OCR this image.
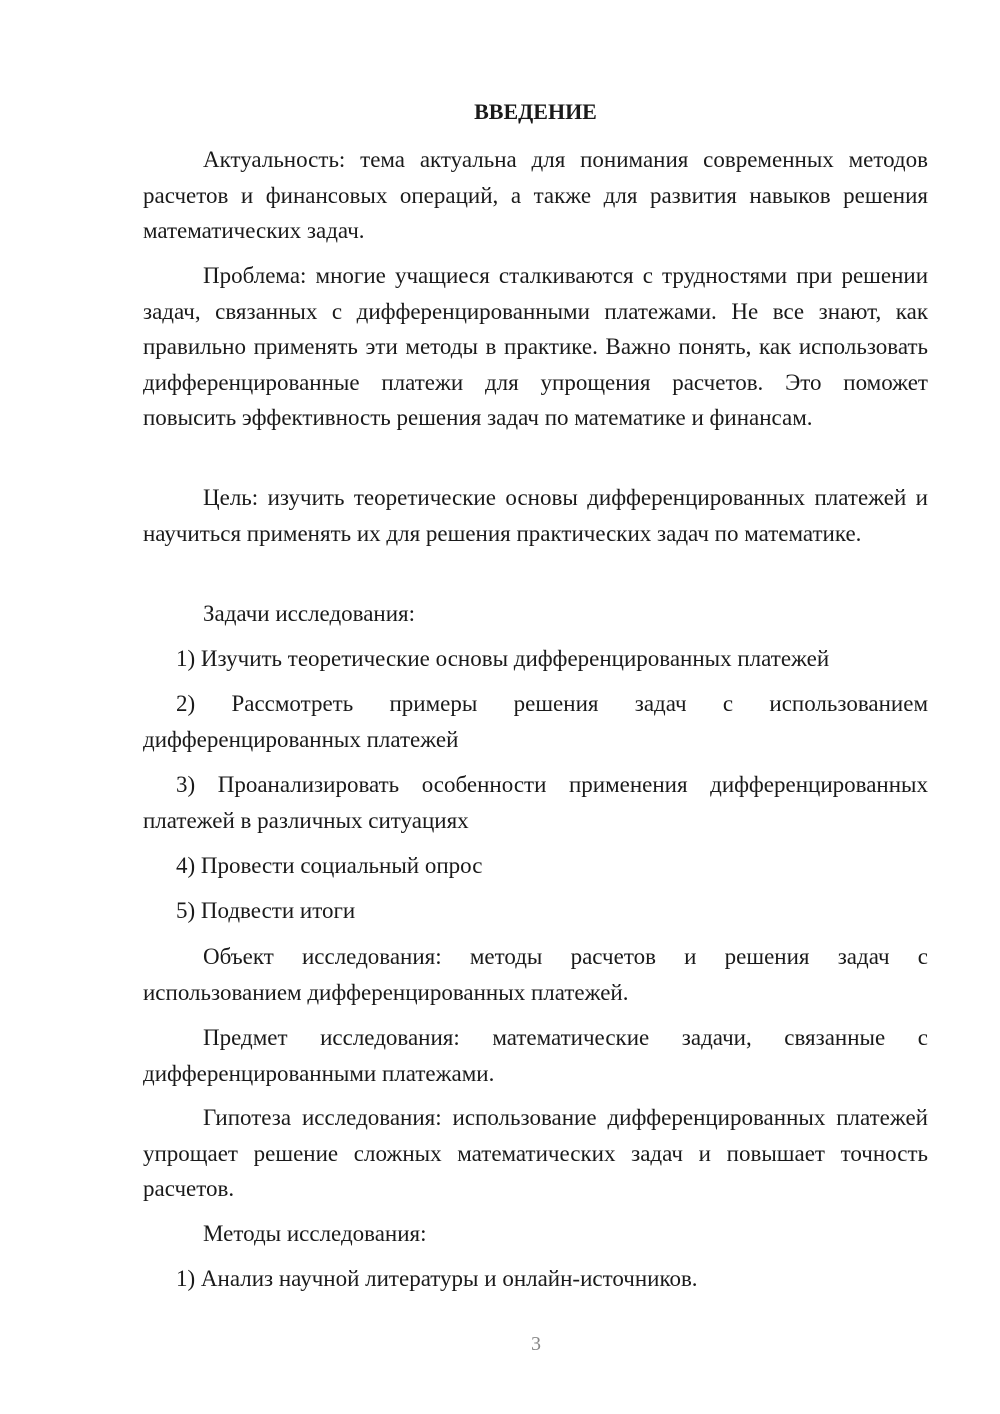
ВВЕДЕНИЕ

Актуальность: тема актуальна для понимания современных методов расчетов и финансовых операций, а также для развития навыков решения математических задач.

Проблема: многие учащиеся сталкиваются с трудностями при решении задач, связанных с дифференцированными платежами. Не все знают, как правильно применять эти методы в практике. Важно понять, как использовать дифференцированные платежи для упрощения расчетов. Это поможет повысить эффективность решения задач по математике и финансам.

Цель: изучить теоретические основы дифференцированных платежей и научиться применять их для решения практических задач по математике.

Задачи исследования:

1) Изучить теоретические основы дифференцированных платежей

2) Рассмотреть примеры решения задач с использованием дифференцированных платежей

3) Проанализировать особенности применения дифференцированных платежей в различных ситуациях

4) Провести социальный опрос

5) Подвести итоги

Объект исследования: методы расчетов и решения задач с использованием дифференцированных платежей.

Предмет исследования: математические задачи, связанные с дифференцированными платежами.

Гипотеза исследования: использование дифференцированных платежей упрощает решение сложных математических задач и повышает точность расчетов.

Методы исследования:

1) Анализ научной литературы и онлайн-источников.

3
